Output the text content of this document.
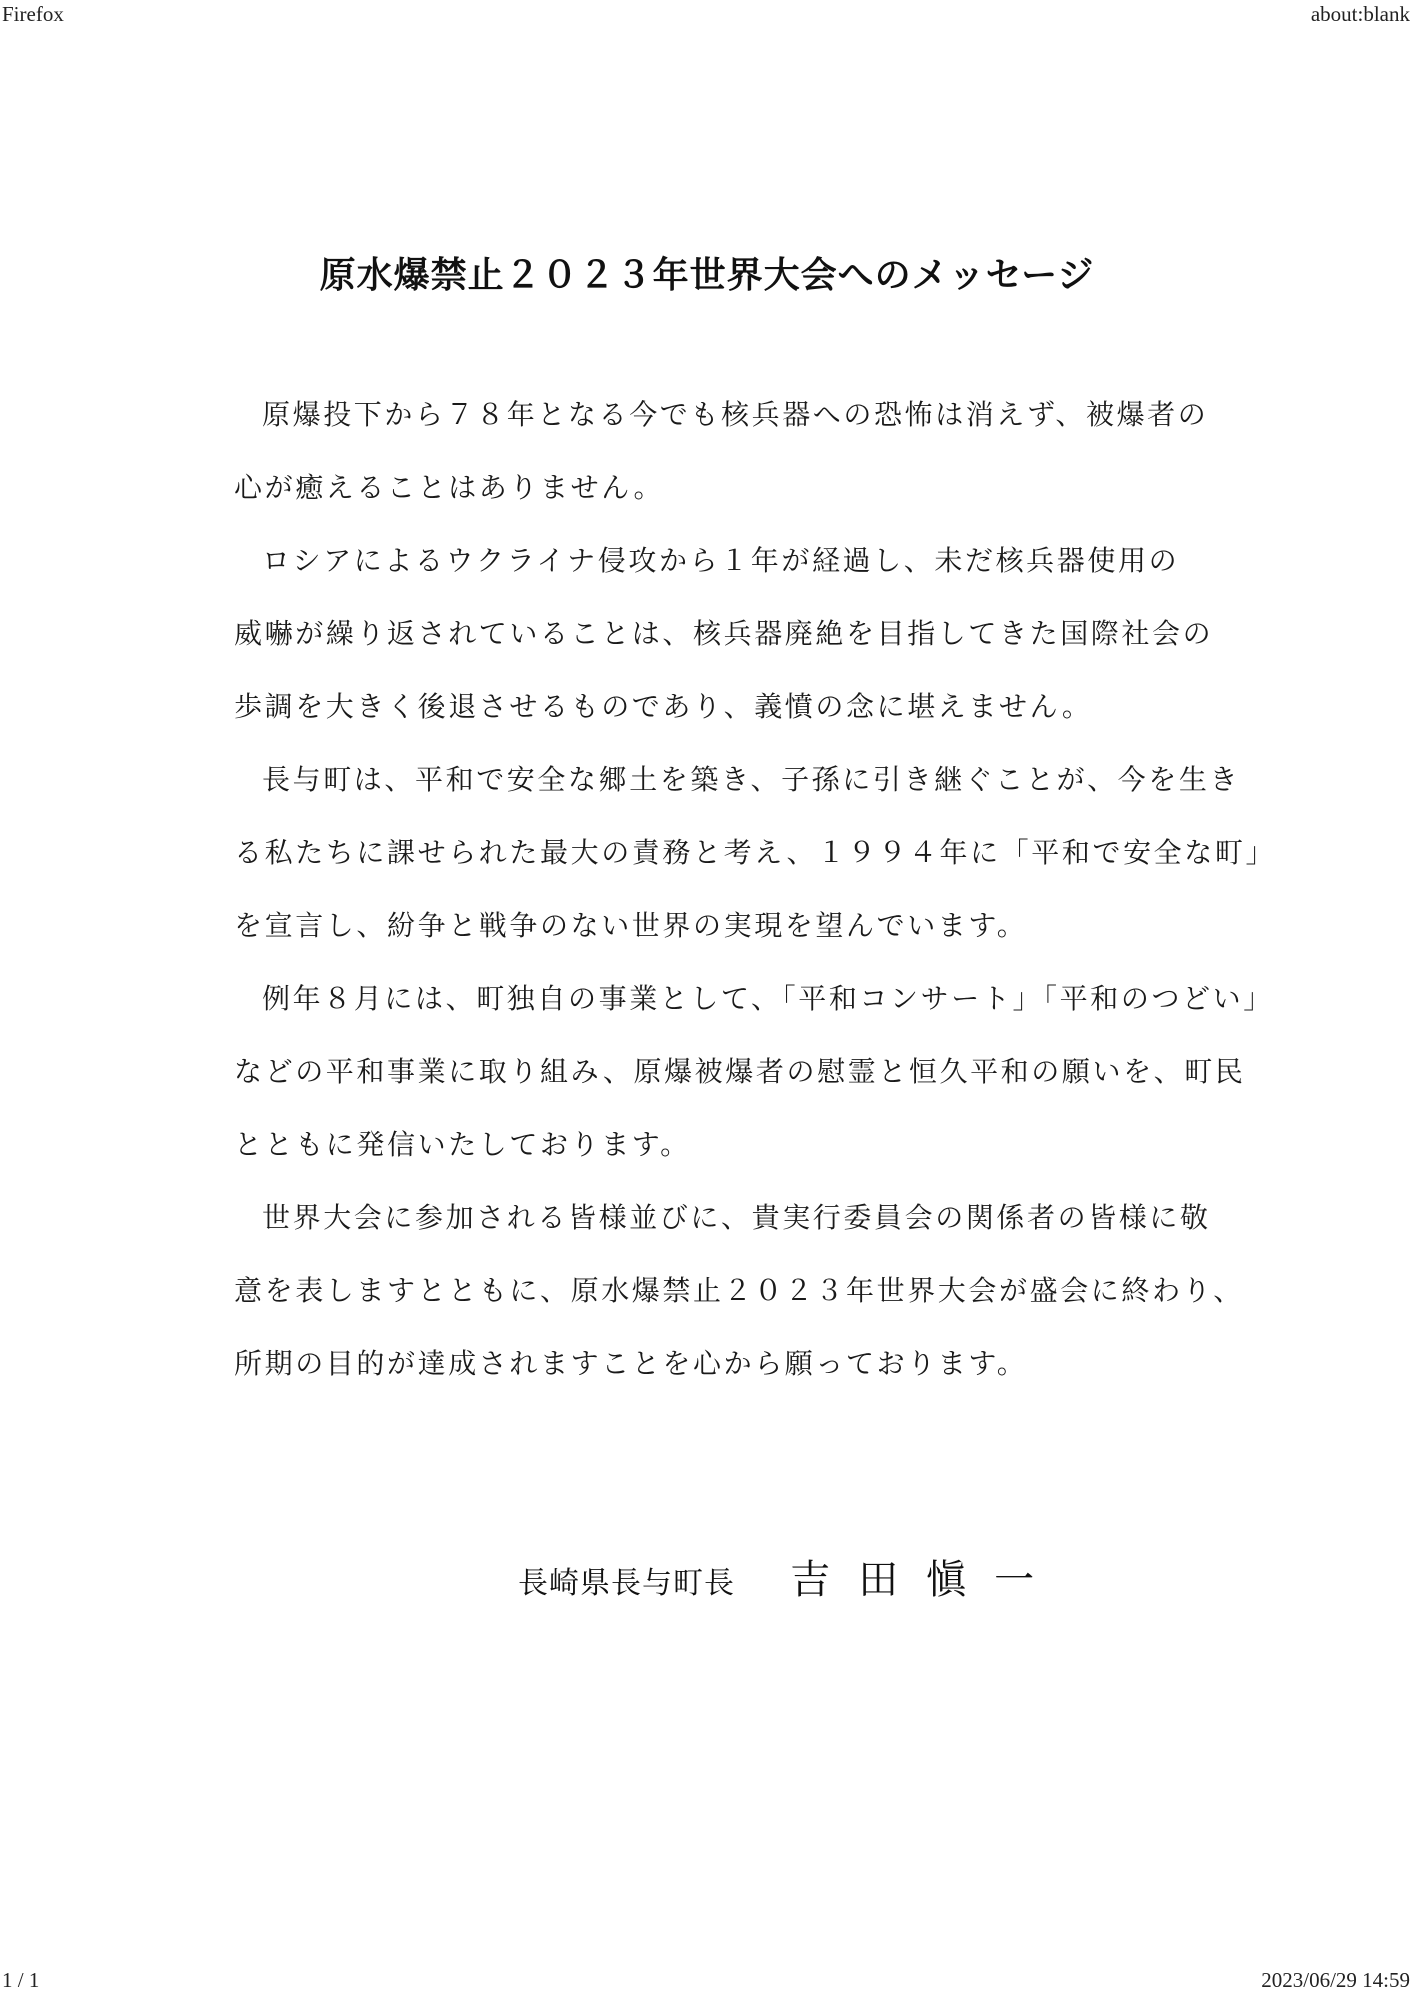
Firefox	about:blank
原水爆禁止２０２３年世界大会へのメッセージ
原爆投下から７８年となる今でも核兵器への恐怖は消えず、被爆者の
心が癒えることはありません。
ロシアによるウクライナ侵攻から１年が経過し、未だ核兵器使用の
威嚇が繰り返されていることは、核兵器廃絶を目指してきた国際社会の
歩調を大きく後退させるものであり、義憤の念に堪えません。
長与町は、平和で安全な郷土を築き、子孫に引き継ぐことが、今を生き
る私たちに課せられた最大の責務と考え、１９９４年に「平和で安全な町」
を宣言し、紛争と戦争のない世界の実現を望んでいます。
例年８月には、町独自の事業として、「平和コンサート」「平和のつどい」
などの平和事業に取り組み、原爆被爆者の慰霊と恒久平和の願いを、町民
とともに発信いたしております。
世界大会に参加される皆様並びに、貴実行委員会の関係者の皆様に敬
意を表しますとともに、原水爆禁止２０２３年世界大会が盛会に終わり、
所期の目的が達成されますことを心から願っております。
長崎県長与町長 吉田愼一
1 / 1	2023/06/29 14:59
